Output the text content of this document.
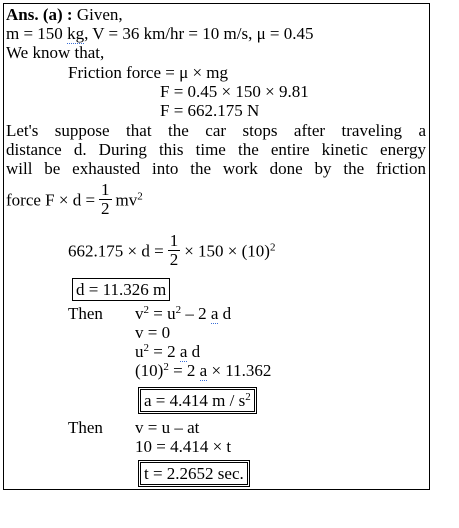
Ans. (a) : Given,
m = 150 kg, V = 36 km/hr = 10 m/s, μ = 0.45
We know that,
Friction force = μ × mg
F = 0.45 × 150 × 9.81
F = 662.175 N
Let's suppose that the car stops after traveling a
distance d. During this time the entire kinetic energy
will be exhausted into the work done by the friction
force $F \times d = \frac{1}{2} mv^2$
$662.175 \times d = \frac{1}{2} \times 150 \times (10)^2$
d = 11.326 m
Then $v^2 = u^2 - 2$ a d
v = 0
$u^2 = 2$ a d
$(10)^2 = 2$ a × 11.362
a = 4.414 m / $s^2$
Then v = u – at
10 = 4.414 × t
t = 2.2652 sec.
